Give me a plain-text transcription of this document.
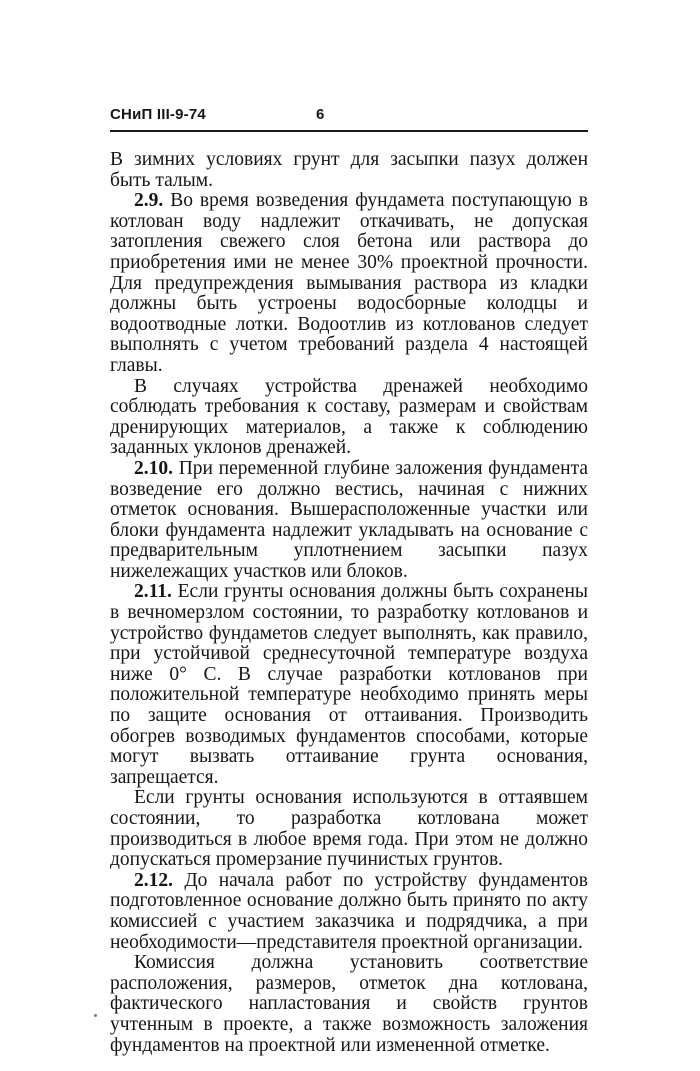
СНиП III-9-74	6

В зимних условиях грунт для засыпки пазух должен быть талым.

2.9. Во время возведения фундамета поступающую в котлован воду надлежит откачивать, не допуская затопления свежего слоя бетона или раствора до приобретения ими не менее 30% проектной прочности. Для предупреждения вымывания раствора из кладки должны быть устроены водосборные колодцы и водоотводные лотки. Водоотлив из котлованов следует выполнять с учетом требований раздела 4 настоящей главы.

В случаях устройства дренажей необходимо соблюдать требования к составу, размерам и свойствам дренирующих материалов, а также к соблюдению заданных уклонов дренажей.

2.10. При переменной глубине заложения фундамента возведение его должно вестись, начиная с нижних отметок основания. Вышерасположенные участки или блоки фундамента надлежит укладывать на основание с предварительным уплотнением засыпки пазух нижележащих участков или блоков.

2.11. Если грунты основания должны быть сохранены в вечномерзлом состоянии, то разработку котлованов и устройство фундаметов следует выполнять, как правило, при устойчивой среднесуточной температуре воздуха ниже 0° С. В случае разработки котлованов при положительной температуре необходимо принять меры по защите основания от оттаивания. Производить обогрев возводимых фундаментов способами, которые могут вызвать оттаивание грунта основания, запрещается.

Если грунты основания используются в оттаявшем состоянии, то разработка котлована может производиться в любое время года. При этом не должно допускаться промерзание пучинистых грунтов.

2.12. До начала работ по устройству фундаментов подготовленное основание должно быть принято по акту комиссией с участием заказчика и подрядчика, а при необходимости—представителя проектной организации.

Комиссия должна установить соответствие расположения, размеров, отметок дна котлована, фактического напластования и свойств грунтов учтенным в проекте, а также возможность заложения фундаментов на проектной или измененной отметке.
